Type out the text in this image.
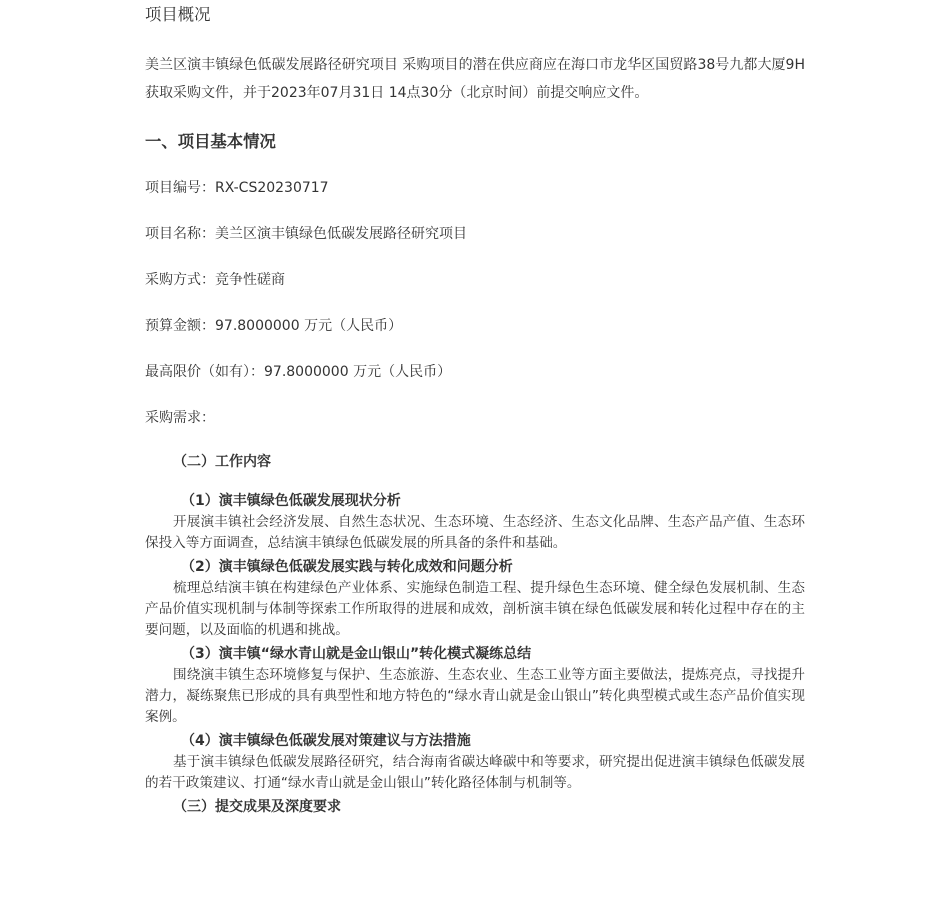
项目概况

美兰区演丰镇绿色低碳发展路径研究项目 采购项目的潜在供应商应在海口市龙华区国贸路38号九都大厦9H获取采购文件，并于2023年07月31日 14点30分（北京时间）前提交响应文件。

一、项目基本情况

项目编号：RX-CS20230717

项目名称：美兰区演丰镇绿色低碳发展路径研究项目

采购方式：竞争性磋商

预算金额：97.8000000 万元（人民币）

最高限价（如有）：97.8000000 万元（人民币）

采购需求：

（二）工作内容
（1）演丰镇绿色低碳发展现状分析

开展演丰镇社会经济发展、自然生态状况、生态环境、生态经济、生态文化品牌、生态产品产值、生态环保投入等方面调查，总结演丰镇绿色低碳发展的所具备的条件和基础。

（2）演丰镇绿色低碳发展实践与转化成效和问题分析

梳理总结演丰镇在构建绿色产业体系、实施绿色制造工程、提升绿色生态环境、健全绿色发展机制、生态产品价值实现机制与体制等探索工作所取得的进展和成效，剖析演丰镇在绿色低碳发展和转化过程中存在的主要问题，以及面临的机遇和挑战。

（3）演丰镇“绿水青山就是金山银山”转化模式凝练总结

围绕演丰镇生态环境修复与保护、生态旅游、生态农业、生态工业等方面主要做法，提炼亮点，寻找提升潜力，凝练聚焦已形成的具有典型性和地方特色的“绿水青山就是金山银山”转化典型模式或生态产品价值实现案例。

（4）演丰镇绿色低碳发展对策建议与方法措施

基于演丰镇绿色低碳发展路径研究，结合海南省碳达峰碳中和等要求，研究提出促进演丰镇绿色低碳发展的若干政策建议、打通“绿水青山就是金山银山”转化路径体制与机制等。

（三）提交成果及深度要求
